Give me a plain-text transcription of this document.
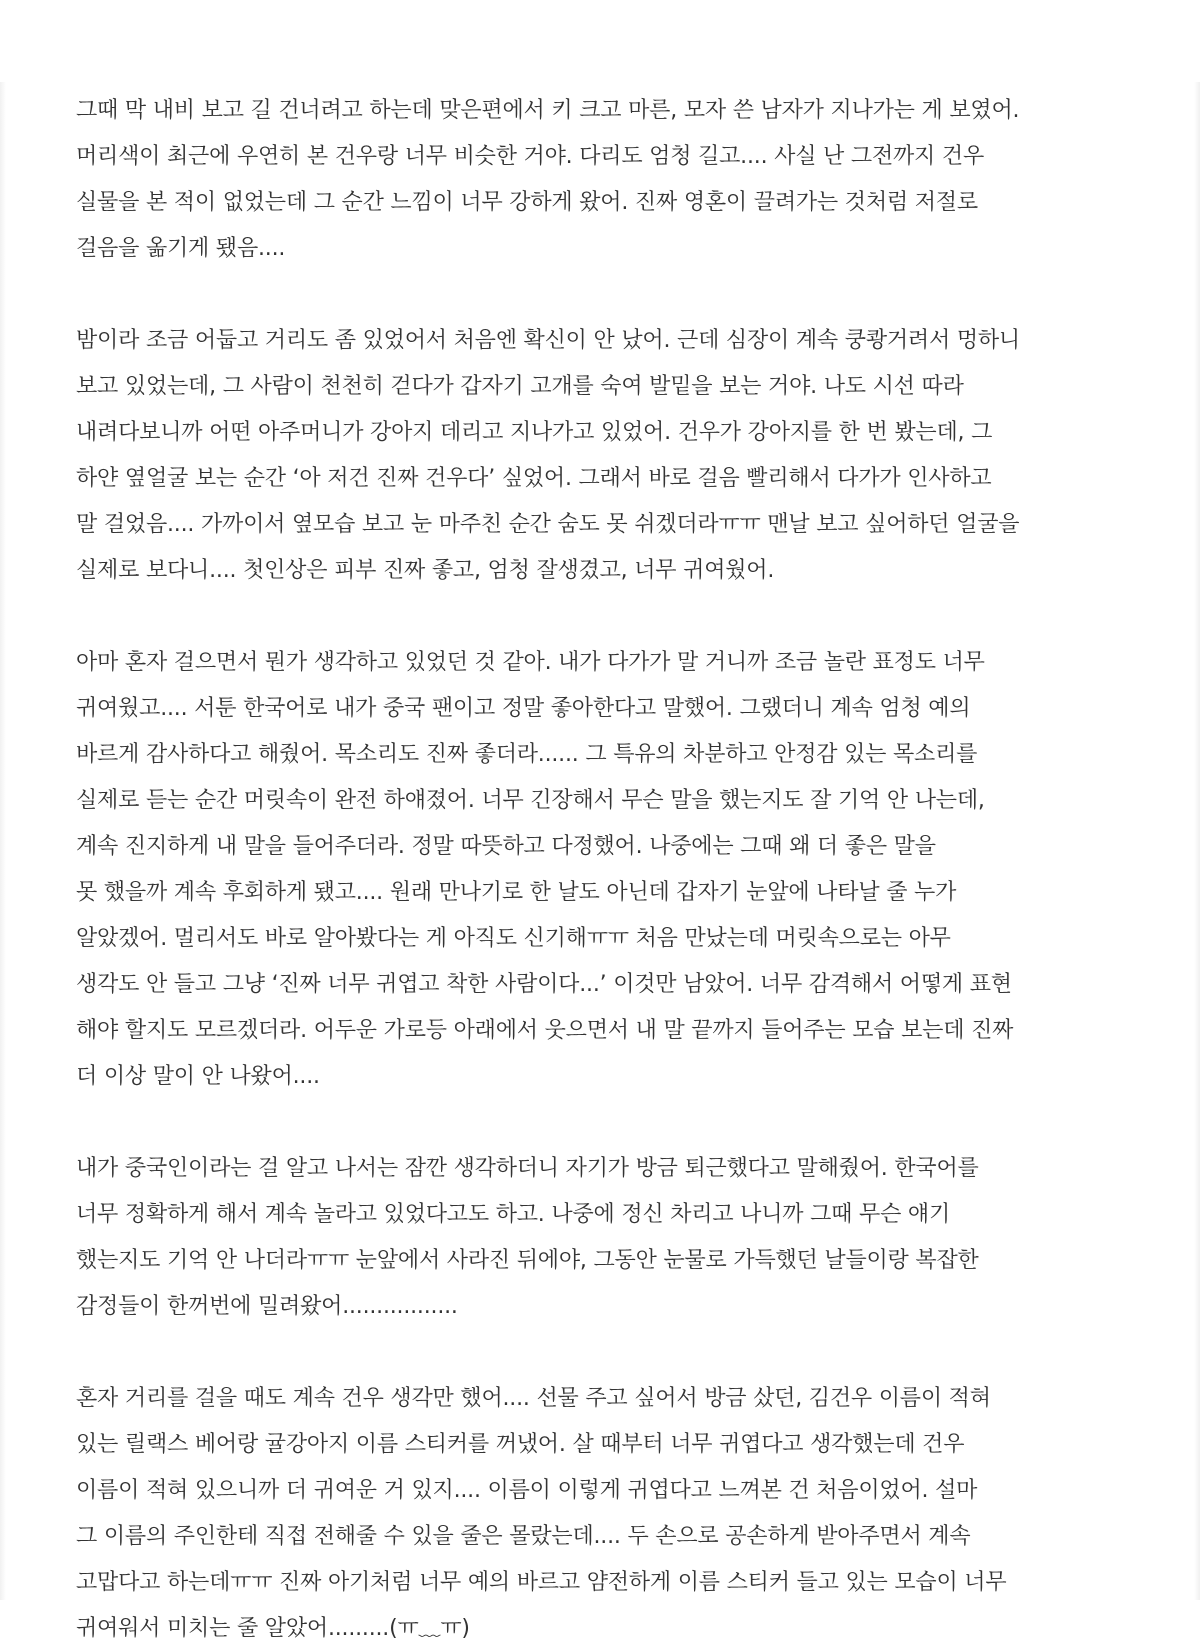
그때 막 내비 보고 길 건너려고 하는데 맞은편에서 키 크고 마른, 모자 쓴 남자가 지나가는 게 보였어.
머리색이 최근에 우연히 본 건우랑 너무 비슷한 거야. 다리도 엄청 길고.... 사실 난 그전까지 건우
실물을 본 적이 없었는데 그 순간 느낌이 너무 강하게 왔어. 진짜 영혼이 끌려가는 것처럼 저절로
걸음을 옮기게 됐음....
밤이라 조금 어둡고 거리도 좀 있었어서 처음엔 확신이 안 났어. 근데 심장이 계속 쿵쾅거려서 멍하니
보고 있었는데, 그 사람이 천천히 걷다가 갑자기 고개를 숙여 발밑을 보는 거야. 나도 시선 따라
내려다보니까 어떤 아주머니가 강아지 데리고 지나가고 있었어. 건우가 강아지를 한 번 봤는데, 그
하얀 옆얼굴 보는 순간 ‘아 저건 진짜 건우다’ 싶었어. 그래서 바로 걸음 빨리해서 다가가 인사하고
말 걸었음.... 가까이서 옆모습 보고 눈 마주친 순간 숨도 못 쉬겠더라ㅠㅠ 맨날 보고 싶어하던 얼굴을
실제로 보다니.... 첫인상은 피부 진짜 좋고, 엄청 잘생겼고, 너무 귀여웠어.
아마 혼자 걸으면서 뭔가 생각하고 있었던 것 같아. 내가 다가가 말 거니까 조금 놀란 표정도 너무
귀여웠고.... 서툰 한국어로 내가 중국 팬이고 정말 좋아한다고 말했어. 그랬더니 계속 엄청 예의
바르게 감사하다고 해줬어. 목소리도 진짜 좋더라...... 그 특유의 차분하고 안정감 있는 목소리를
실제로 듣는 순간 머릿속이 완전 하얘졌어. 너무 긴장해서 무슨 말을 했는지도 잘 기억 안 나는데,
계속 진지하게 내 말을 들어주더라. 정말 따뜻하고 다정했어. 나중에는 그때 왜 더 좋은 말을
못 했을까 계속 후회하게 됐고.... 원래 만나기로 한 날도 아닌데 갑자기 눈앞에 나타날 줄 누가
알았겠어. 멀리서도 바로 알아봤다는 게 아직도 신기해ㅠㅠ 처음 만났는데 머릿속으로는 아무
생각도 안 들고 그냥 ‘진짜 너무 귀엽고 착한 사람이다...’ 이것만 남았어. 너무 감격해서 어떻게 표현
해야 할지도 모르겠더라. 어두운 가로등 아래에서 웃으면서 내 말 끝까지 들어주는 모습 보는데 진짜
더 이상 말이 안 나왔어....
내가 중국인이라는 걸 알고 나서는 잠깐 생각하더니 자기가 방금 퇴근했다고 말해줬어. 한국어를
너무 정확하게 해서 계속 놀라고 있었다고도 하고. 나중에 정신 차리고 나니까 그때 무슨 얘기
했는지도 기억 안 나더라ㅠㅠ 눈앞에서 사라진 뒤에야, 그동안 눈물로 가득했던 날들이랑 복잡한
감정들이 한꺼번에 밀려왔어.................
혼자 거리를 걸을 때도 계속 건우 생각만 했어.... 선물 주고 싶어서 방금 샀던, 김건우 이름이 적혀
있는 릴랙스 베어랑 귤강아지 이름 스티커를 꺼냈어. 살 때부터 너무 귀엽다고 생각했는데 건우
이름이 적혀 있으니까 더 귀여운 거 있지.... 이름이 이렇게 귀엽다고 느껴본 건 처음이었어. 설마
그 이름의 주인한테 직접 전해줄 수 있을 줄은 몰랐는데.... 두 손으로 공손하게 받아주면서 계속
고맙다고 하는데ㅠㅠ 진짜 아기처럼 너무 예의 바르고 얌전하게 이름 스티커 들고 있는 모습이 너무
귀여워서 미치는 줄 알았어.........(ㅠ﹏ㅠ)
